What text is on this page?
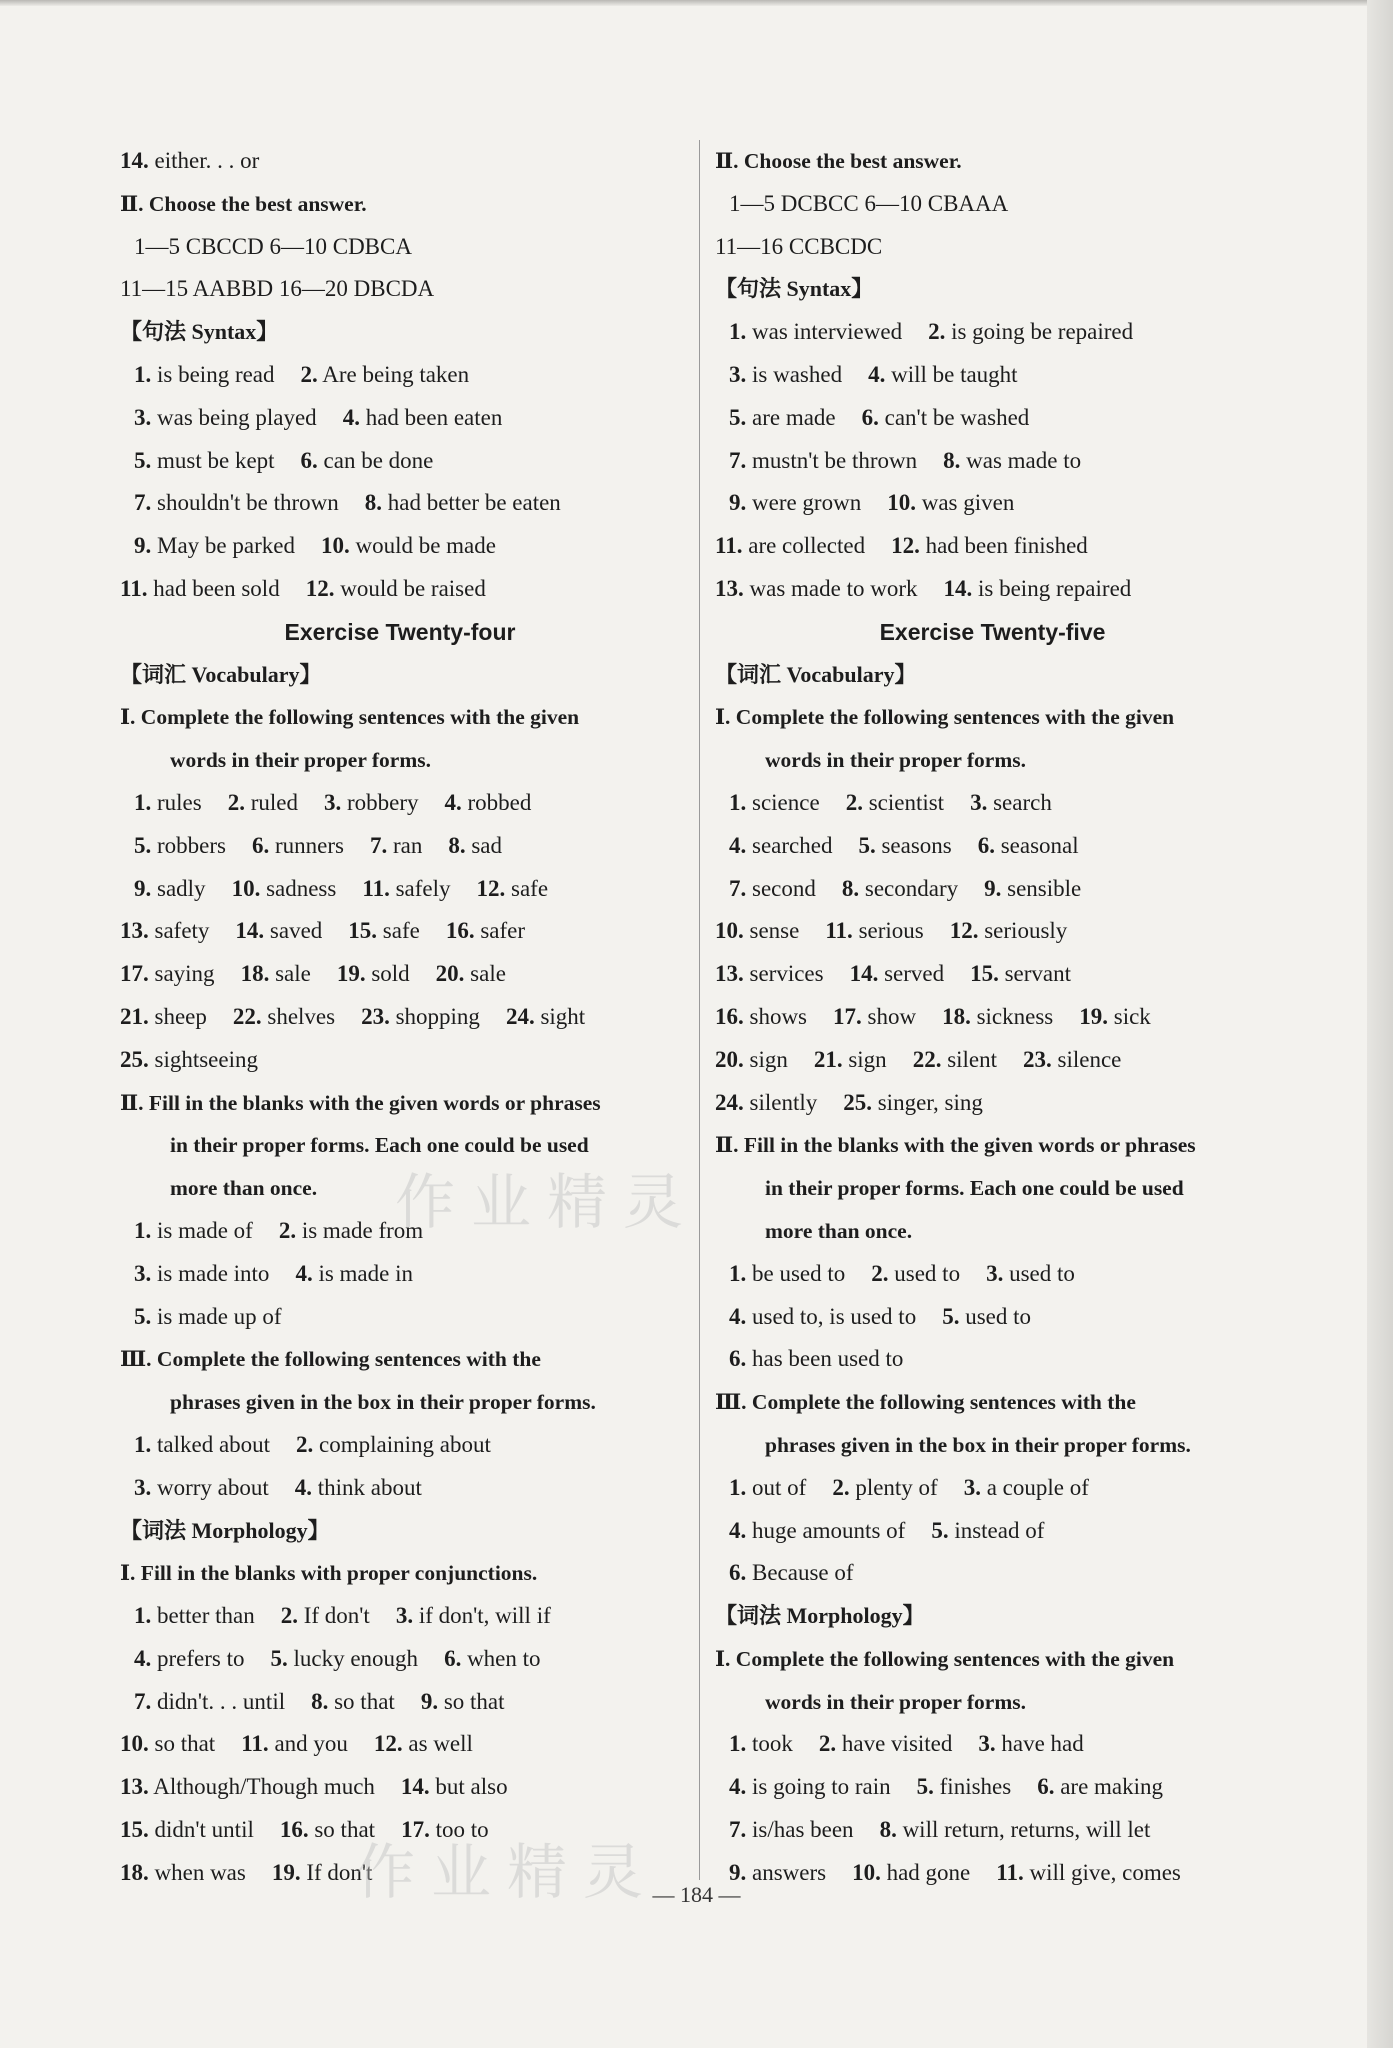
14. either. . . or
Ⅱ. Choose the best answer.
1—5 CBCCD 6—10 CDBCA
11—15 AABBD 16—20 DBCDA
【句法 Syntax】
1. is being read 2. Are being taken
3. was being played 4. had been eaten
5. must be kept 6. can be done
7. shouldn't be thrown 8. had better be eaten
9. May be parked 10. would be made
11. had been sold 12. would be raised
Exercise Twenty-four
【词汇 Vocabulary】
Ⅰ. Complete the following sentences with the given
words in their proper forms.
1. rules 2. ruled 3. robbery 4. robbed
5. robbers 6. runners 7. ran 8. sad
9. sadly 10. sadness 11. safely 12. safe
13. safety 14. saved 15. safe 16. safer
17. saying 18. sale 19. sold 20. sale
21. sheep 22. shelves 23. shopping 24. sight
25. sightseeing
Ⅱ. Fill in the blanks with the given words or phrases
in their proper forms. Each one could be used
more than once.
1. is made of 2. is made from
3. is made into 4. is made in
5. is made up of
Ⅲ. Complete the following sentences with the
phrases given in the box in their proper forms.
1. talked about 2. complaining about
3. worry about 4. think about
【词法 Morphology】
Ⅰ. Fill in the blanks with proper conjunctions.
1. better than 2. If don't 3. if don't, will if
4. prefers to 5. lucky enough 6. when to
7. didn't. . . until 8. so that 9. so that
10. so that 11. and you 12. as well
13. Although/Though much 14. but also
15. didn't until 16. so that 17. too to
18. when was 19. If don't
Ⅱ. Choose the best answer.
1—5 DCBCC 6—10 CBAAA
11—16 CCBCDC
【句法 Syntax】
1. was interviewed 2. is going be repaired
3. is washed 4. will be taught
5. are made 6. can't be washed
7. mustn't be thrown 8. was made to
9. were grown 10. was given
11. are collected 12. had been finished
13. was made to work 14. is being repaired
Exercise Twenty-five
【词汇 Vocabulary】
Ⅰ. Complete the following sentences with the given
words in their proper forms.
1. science 2. scientist 3. search
4. searched 5. seasons 6. seasonal
7. second 8. secondary 9. sensible
10. sense 11. serious 12. seriously
13. services 14. served 15. servant
16. shows 17. show 18. sickness 19. sick
20. sign 21. sign 22. silent 23. silence
24. silently 25. singer, sing
Ⅱ. Fill in the blanks with the given words or phrases
in their proper forms. Each one could be used
more than once.
1. be used to 2. used to 3. used to
4. used to, is used to 5. used to
6. has been used to
Ⅲ. Complete the following sentences with the
phrases given in the box in their proper forms.
1. out of 2. plenty of 3. a couple of
4. huge amounts of 5. instead of
6. Because of
【词法 Morphology】
Ⅰ. Complete the following sentences with the given
words in their proper forms.
1. took 2. have visited 3. have had
4. is going to rain 5. finishes 6. are making
7. is/has been 8. will return, returns, will let
9. answers 10. had gone 11. will give, comes
作业精灵
作业精灵
— 184 —
